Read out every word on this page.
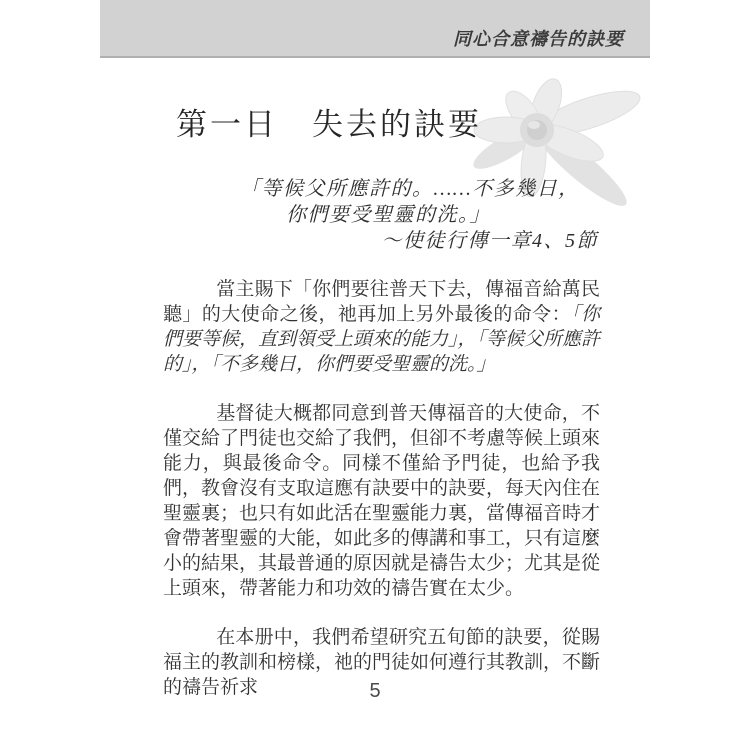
同心合意禱告的訣要
第一日　失去的訣要
「等候父所應許的。……不多幾日，
你們要受聖靈的洗。」
～使徒行傳一章4、5節

當主賜下「你們要往普天下去，傳福音給萬民聽」的大使命之後，祂再加上另外最後的命令：「你們要等候，直到領受上頭來的能力」，「等候父所應許的」，「不多幾日，你們要受聖靈的洗。」

基督徒大概都同意到普天傳福音的大使命，不僅交給了門徒也交給了我們，但卻不考慮等候上頭來能力，與最後命令。同樣不僅給予門徒，也給予我們，教會沒有支取這應有訣要中的訣要，每天內住在聖靈裏；也只有如此活在聖靈能力裏，當傳福音時才會帶著聖靈的大能，如此多的傳講和事工，只有這麼小的結果，其最普通的原因就是禱告太少；尤其是從上頭來，帶著能力和功效的禱告實在太少。

在本册中，我們希望研究五旬節的訣要，從賜福主的教訓和榜樣，祂的門徒如何遵行其教訓，不斷的禱告祈求	5
